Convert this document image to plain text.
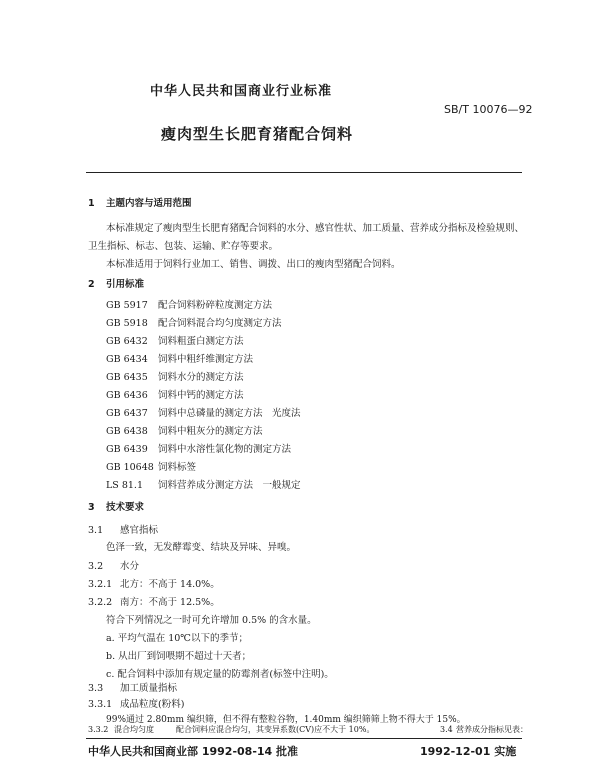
中华人民共和国商业行业标准
SB/T 10076—92
瘦肉型生长肥育猪配合饲料
1 主题内容与适用范围
本标准规定了瘦肉型生长肥育猪配合饲料的水分、感官性状、加工质量、营养成分指标及检验规则、
卫生指标、标志、包装、运输、贮存等要求。
本标准适用于饲料行业加工、销售、调拨、出口的瘦肉型猪配合饲料。
2 引用标准
GB 5917 配合饲料粉碎粒度测定方法
GB 5918 配合饲料混合均匀度测定方法
GB 6432 饲料粗蛋白测定方法
GB 6434 饲料中粗纤维测定方法
GB 6435 饲料水分的测定方法
GB 6436 饲料中钙的测定方法
GB 6437 饲料中总磷量的测定方法　光度法
GB 6438 饲料中粗灰分的测定方法
GB 6439 饲料中水溶性氯化物的测定方法
GB 10648 饲料标签
LS 81.1 饲料营养成分测定方法　一般规定
3 技术要求
3.1 感官指标
色泽一致，无发酵霉变、结块及异味、异嗅。
3.2 水分
3.2.1 北方：不高于 14.0%。
3.2.2 南方：不高于 12.5%。
符合下列情况之一时可允许增加 0.5% 的含水量。
a. 平均气温在 10℃以下的季节；
b. 从出厂到饲喂期不超过十天者；
c. 配合饲料中添加有规定量的防霉剂者(标签中注明)。
3.3 加工质量指标
3.3.1 成品粒度(粉料)
99%通过 2.80mm 编织筛，但不得有整粒谷物，1.40mm 编织筛筛上物不得大于 15%。
3.3.2 混合均匀度	配合饲料应混合均匀，其变异系数(CV)应不大于 10%。	3.4 营养成分指标见表：
中华人民共和国商业部 1992-08-14 批准	1992-12-01 实施
